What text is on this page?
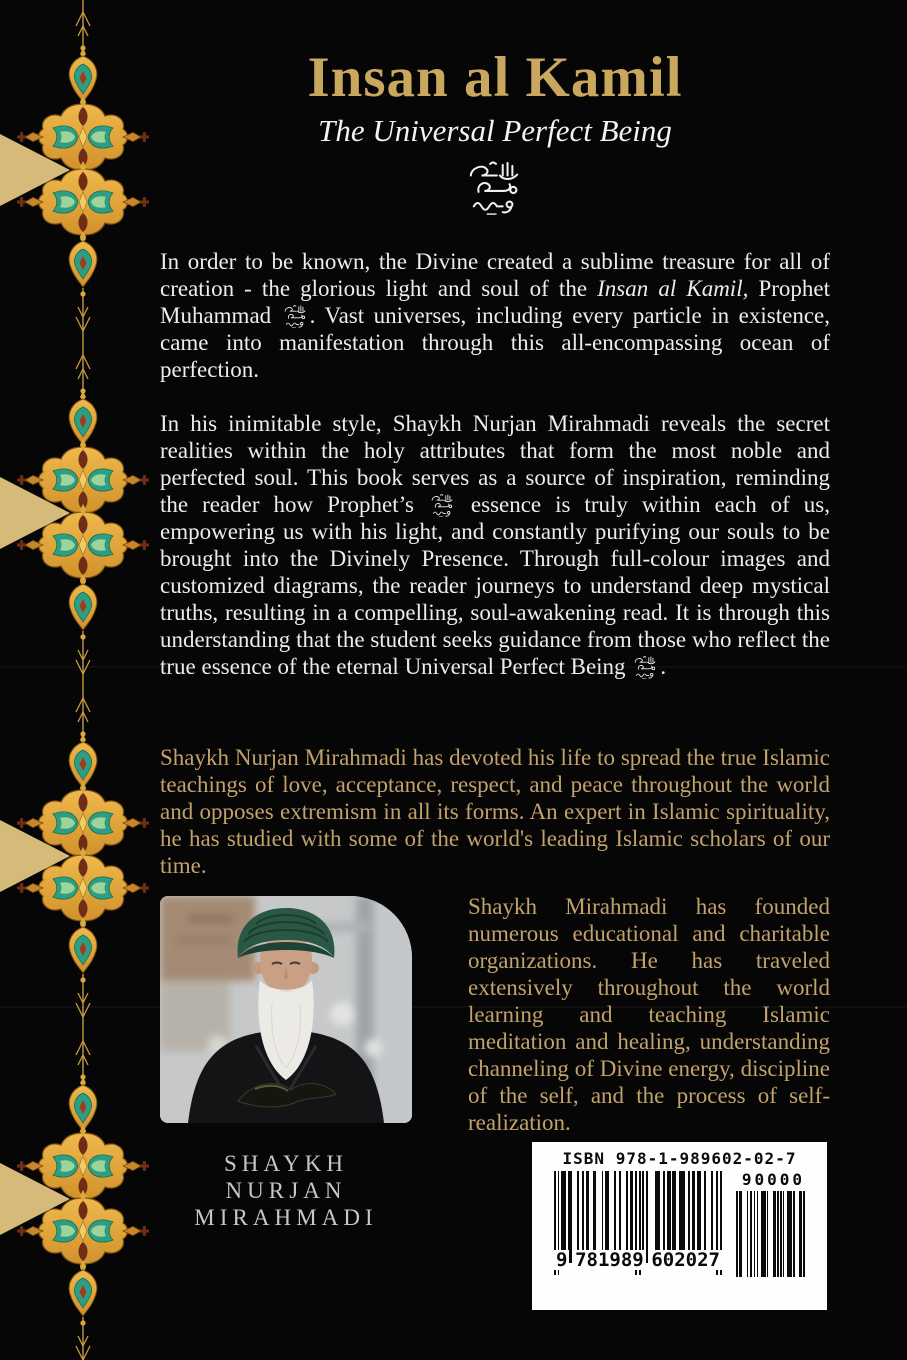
Insan al Kamil
The Universal Perfect Being

In order to be known, the Divine created a sublime treasure for all of creation - the glorious light and soul of the Insan al Kamil, Prophet Muhammad . Vast universes, including every particle in existence, came into manifestation through this all-encompassing ocean of perfection.

In his inimitable style, Shaykh Nurjan Mirahmadi reveals the secret realities within the holy attributes that form the most noble and perfected soul. This book serves as a source of inspiration, reminding the reader how Prophet’s  essence is truly within each of us, empowering us with his light, and constantly purifying our souls to be brought into the Divinely Presence. Through full-colour images and customized diagrams, the reader journeys to understand deep mystical truths, resulting in a compelling, soul-awakening read. It is through this understanding that the student seeks guidance from those who reflect the true essence of the eternal Universal Perfect Being .

Shaykh Nurjan Mirahmadi has devoted his life to spread the true Islamic teachings of love, acceptance, respect, and peace throughout the world and opposes extremism in all its forms. An expert in Islamic spirituality, he has studied with some of the world's leading Islamic scholars of our time.

SHAYKH
NURJAN
MIRAHMADI

Shaykh Mirahmadi has founded numerous educational and charitable organizations. He has traveled extensively throughout the world learning and teaching Islamic meditation and healing, understanding channeling of Divine energy, discipline of the self, and the process of self-realization.

ISBN 978-1-989602-02-7
9 781989 602027
90000
